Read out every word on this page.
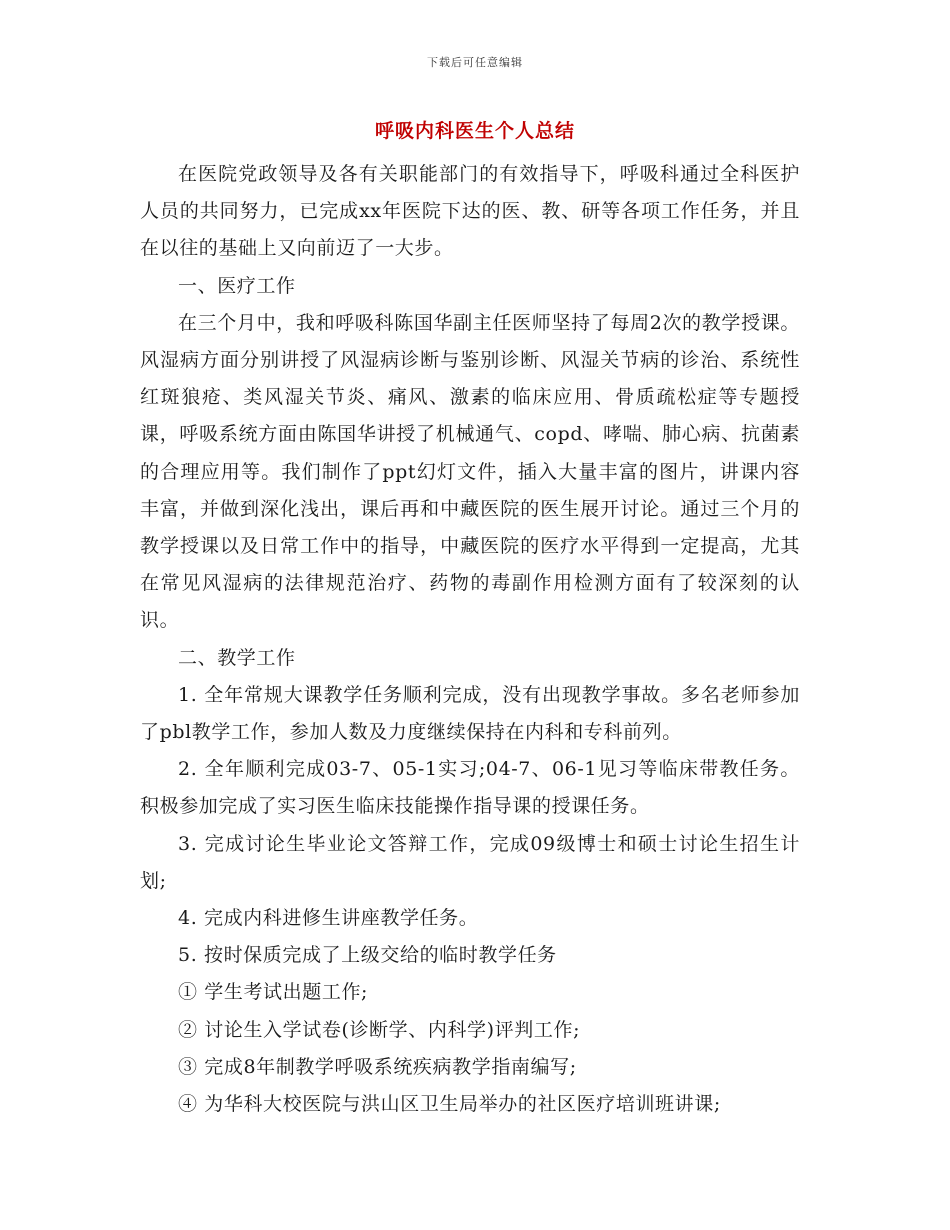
下载后可任意编辑
呼吸内科医生个人总结

在医院党政领导及各有关职能部门的有效指导下，呼吸科通过全科医护人员的共同努力，已完成xx年医院下达的医、教、研等各项工作任务，并且在以往的基础上又向前迈了一大步。

一、医疗工作

在三个月中，我和呼吸科陈国华副主任医师坚持了每周2次的教学授课。风湿病方面分别讲授了风湿病诊断与鉴别诊断、风湿关节病的诊治、系统性红斑狼疮、类风湿关节炎、痛风、激素的临床应用、骨质疏松症等专题授课，呼吸系统方面由陈国华讲授了机械通气、copd、哮喘、肺心病、抗菌素的合理应用等。我们制作了ppt幻灯文件，插入大量丰富的图片，讲课内容丰富，并做到深化浅出，课后再和中藏医院的医生展开讨论。通过三个月的教学授课以及日常工作中的指导，中藏医院的医疗水平得到一定提高，尤其在常见风湿病的法律规范治疗、药物的毒副作用检测方面有了较深刻的认识。

二、教学工作

1. 全年常规大课教学任务顺利完成，没有出现教学事故。多名老师参加了pbl教学工作，参加人数及力度继续保持在内科和专科前列。

2. 全年顺利完成03-7、05-1实习;04-7、06-1见习等临床带教任务。积极参加完成了实习医生临床技能操作指导课的授课任务。

3. 完成讨论生毕业论文答辩工作，完成09级博士和硕士讨论生招生计划;

4. 完成内科进修生讲座教学任务。

5. 按时保质完成了上级交给的临时教学任务

① 学生考试出题工作;

② 讨论生入学试卷(诊断学、内科学)评判工作;

③ 完成8年制教学呼吸系统疾病教学指南编写;

④ 为华科大校医院与洪山区卫生局举办的社区医疗培训班讲课;
